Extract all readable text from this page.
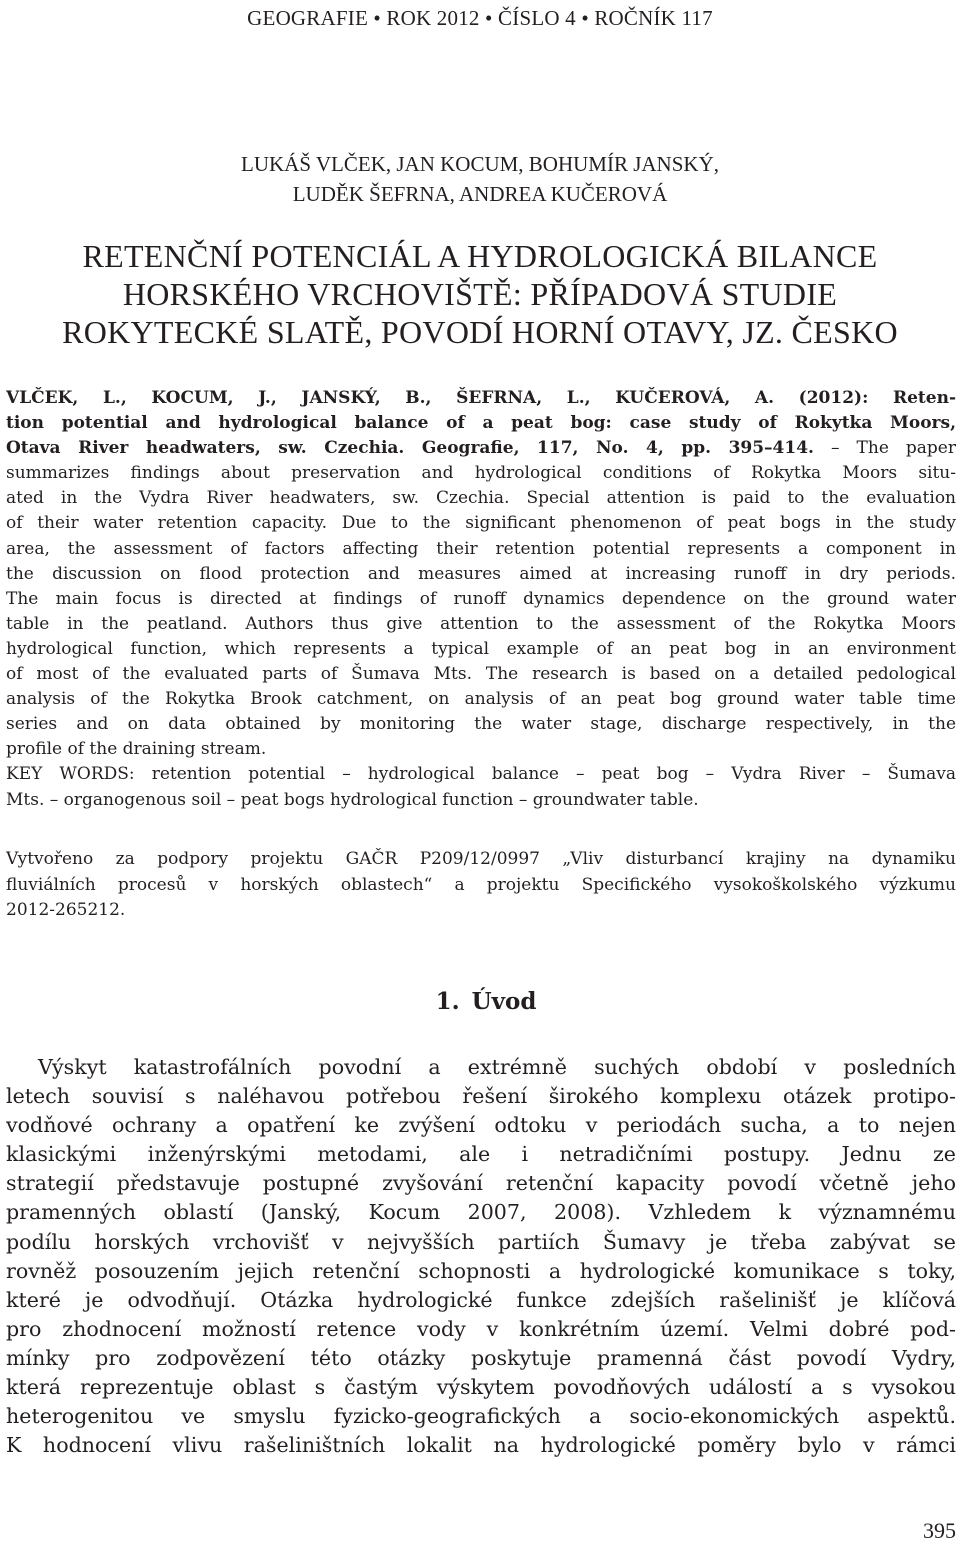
GEOGRAFIE • ROK 2012 • ČÍSLO 4 • ROČNÍK 117
LUKÁŠ VLČEK, JAN KOCUM, BOHUMÍR JANSKÝ,
LUDĚK ŠEFRNA, ANDREA KUČEROVÁ
RETENČNÍ POTENCIÁL A HYDROLOGICKÁ BILANCE
HORSKÉHO VRCHOVIŠTĚ: PŘÍPADOVÁ STUDIE
ROKYTECKÉ SLATĚ, POVODÍ HORNÍ OTAVY, JZ. ČESKO
VLČEK, L., KOCUM, J., JANSKÝ, B., ŠEFRNA, L., KUČEROVÁ, A. (2012): Reten-
tion potential and hydrological balance of a peat bog: case study of Rokytka Moors,
Otava River headwaters, sw. Czechia. Geografie, 117, No. 4, pp. 395–414. – The paper
summarizes findings about preservation and hydrological conditions of Rokytka Moors situ-
ated in the Vydra River headwaters, sw. Czechia. Special attention is paid to the evaluation
of their water retention capacity. Due to the significant phenomenon of peat bogs in the study
area, the assessment of factors affecting their retention potential represents a component in
the discussion on flood protection and measures aimed at increasing runoff in dry periods.
The main focus is directed at findings of runoff dynamics dependence on the ground water
table in the peatland. Authors thus give attention to the assessment of the Rokytka Moors
hydrological function, which represents a typical example of an peat bog in an environment
of most of the evaluated parts of Šumava Mts. The research is based on a detailed pedological
analysis of the Rokytka Brook catchment, on analysis of an peat bog ground water table time
series and on data obtained by monitoring the water stage, discharge respectively, in the
profile of the draining stream.
KEY WORDS: retention potential – hydrological balance – peat bog – Vydra River – Šumava
Mts. – organogenous soil – peat bogs hydrological function – groundwater table.
Vytvořeno za podpory projektu GAČR P209/12/0997 „Vliv disturbancí krajiny na dynamiku
fluviálních procesů v horských oblastech“ a projektu Specifického vysokoškolského výzkumu
2012-265212.
1. Úvod
Výskyt katastrofálních povodní a extrémně suchých období v posledních
letech souvisí s naléhavou potřebou řešení širokého komplexu otázek protipo-
vodňové ochrany a opatření ke zvýšení odtoku v periodách sucha, a to nejen
klasickými inženýrskými metodami, ale i netradičními postupy. Jednu ze
strategií představuje postupné zvyšování retenční kapacity povodí včetně jeho
pramenných oblastí (Janský, Kocum 2007, 2008). Vzhledem k významnému
podílu horských vrchovišť v nejvyšších partiích Šumavy je třeba zabývat se
rovněž posouzením jejich retenční schopnosti a hydrologické komunikace s toky,
které je odvodňují. Otázka hydrologické funkce zdejších rašelinišť je klíčová
pro zhodnocení možností retence vody v konkrétním území. Velmi dobré pod-
mínky pro zodpovězení této otázky poskytuje pramenná část povodí Vydry,
která reprezentuje oblast s častým výskytem povodňových událostí a s vysokou
heterogenitou ve smyslu fyzicko-geografických a socio-ekonomických aspektů.
K hodnocení vlivu rašeliništních lokalit na hydrologické poměry bylo v rámci
395
